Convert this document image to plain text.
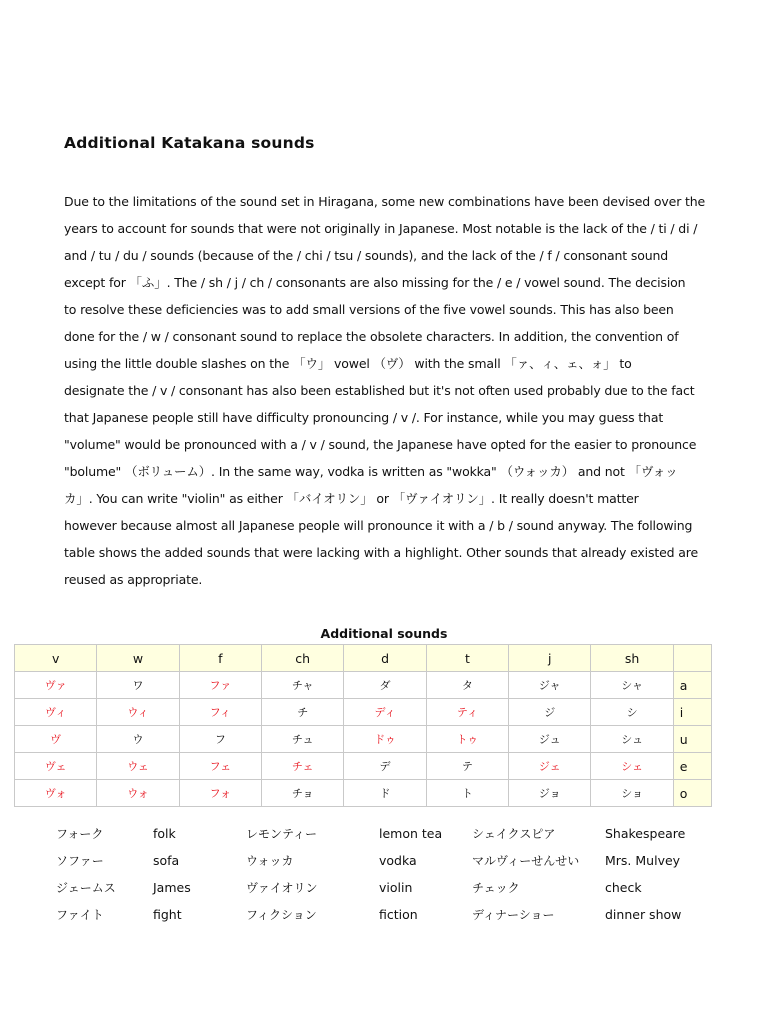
Additional Katakana sounds

Due to the limitations of the sound set in Hiragana, some new combinations have been devised over the
years to account for sounds that were not originally in Japanese. Most notable is the lack of the / ti / di /
and / tu / du / sounds (because of the / chi / tsu / sounds), and the lack of the / f / consonant sound
except for 「ふ」. The / sh / j / ch / consonants are also missing for the / e / vowel sound. The decision
to resolve these deficiencies was to add small versions of the five vowel sounds. This has also been
done for the / w / consonant sound to replace the obsolete characters. In addition, the convention of
using the little double slashes on the 「ウ」 vowel （ヴ） with the small 「ァ、ィ、ェ、ォ」 to
designate the / v / consonant has also been established but it's not often used probably due to the fact
that Japanese people still have difficulty pronouncing / v /. For instance, while you may guess that
"volume" would be pronounced with a / v / sound, the Japanese have opted for the easier to pronounce
"bolume" （ボリューム）. In the same way, vodka is written as "wokka" （ウォッカ） and not 「ヴォッ
カ」. You can write "violin" as either 「バイオリン」 or 「ヴァイオリン」. It really doesn't matter
however because almost all Japanese people will pronounce it with a / b / sound anyway. The following
table shows the added sounds that were lacking with a highlight. Other sounds that already existed are
reused as appropriate.

Additional sounds
v	w	f	ch	d	t	j	sh	
ヴァ	ワ	ファ	チャ	ダ	タ	ジャ	シャ	a
ヴィ	ウィ	フィ	チ	ディ	ティ	ジ	シ	i
ヴ	ウ	フ	チュ	ドゥ	トゥ	ジュ	シュ	u
ヴェ	ウェ	フェ	チェ	デ	テ	ジェ	シェ	e
ヴォ	ウォ	フォ	チョ	ド	ト	ジョ	ショ	o
フォーク	folk	レモンティー	lemon tea	シェイクスピア	Shakespeare
ソファー	sofa	ウォッカ	vodka	マルヴィーせんせい	Mrs. Mulvey
ジェームス	James	ヴァイオリン	violin	チェック	check
ファイト	fight	フィクション	fiction	ディナーショー	dinner show
